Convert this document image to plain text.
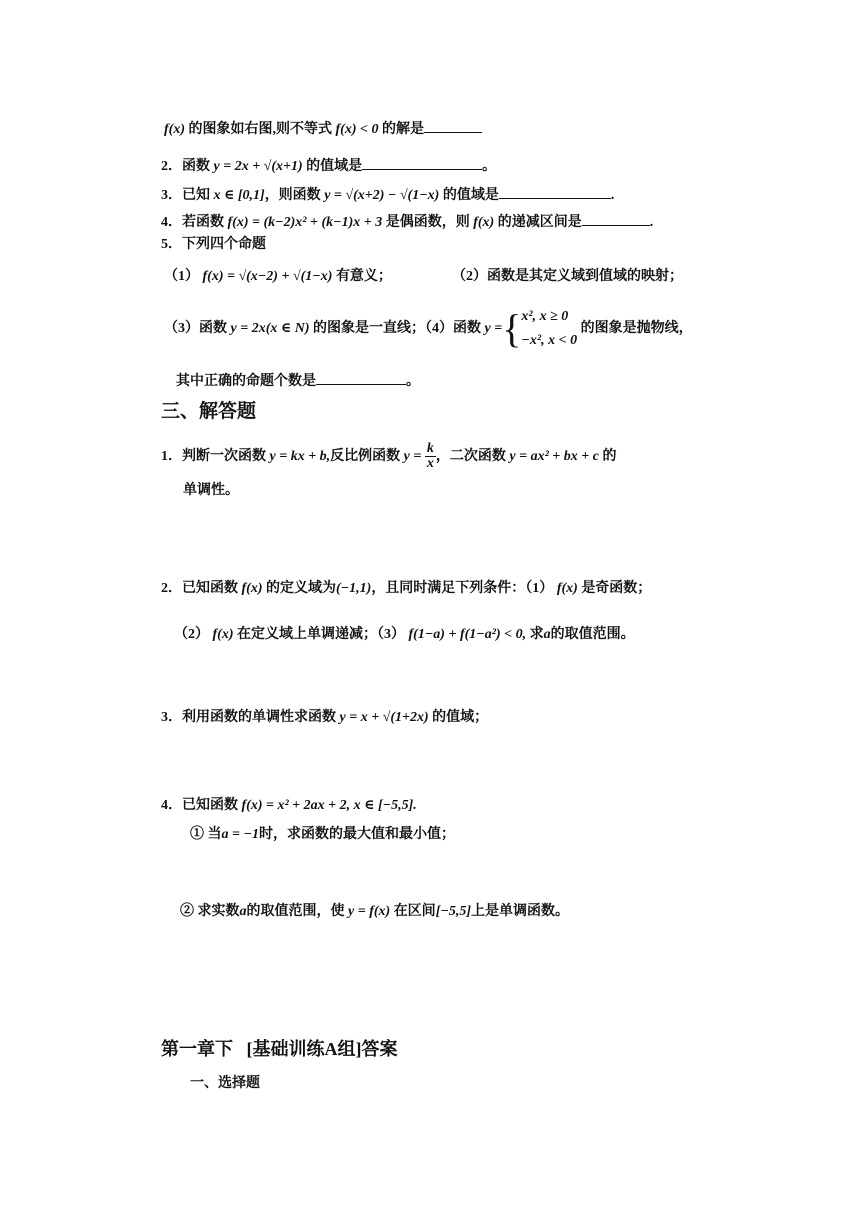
f(x) 的图象如右图,则不等式 f(x) < 0 的解是
2．函数 y = 2x + √(x+1) 的值域是	。
3．已知 x ∈ [0,1]，则函数 y = √(x+2) − √(1−x) 的值域是	.
4．若函数 f(x) = (k−2)x² + (k−1)x + 3 是偶函数，则 f(x) 的递减区间是	.
5．下列四个命题
（1） f(x) = √(x−2) + √(1−x) 有意义；	（2）函数是其定义域到值域的映射；
（3）函数 y = 2x(x ∈ N) 的图象是一直线；（4）函数 y ={ x², x ≥ 0
−x², x < 0
的图象是抛物线，
其中正确的命题个数是	。
三、解答题
1．判断一次函数 y = kx + b,反比例函数 $y = \frac{k}{x}$ ，二次函数 y = ax² + bx + c 的
单调性。
2．已知函数 f(x) 的定义域为(−1,1)，且同时满足下列条件：（1） f(x) 是奇函数；
（2） f(x) 在定义域上单调递减；（3） f(1−a) + f(1−a²) < 0, 求a的取值范围。
3．利用函数的单调性求函数 y = x + √(1+2x) 的值域；
4．已知函数 f(x) = x² + 2ax + 2, x ∈ [−5,5].
① 当a = −1时，求函数的最大值和最小值；
② 求实数a的取值范围，使 y = f(x) 在区间[−5,5]上是单调函数。
第一章下   [基础训练A组]答案
一、选择题
